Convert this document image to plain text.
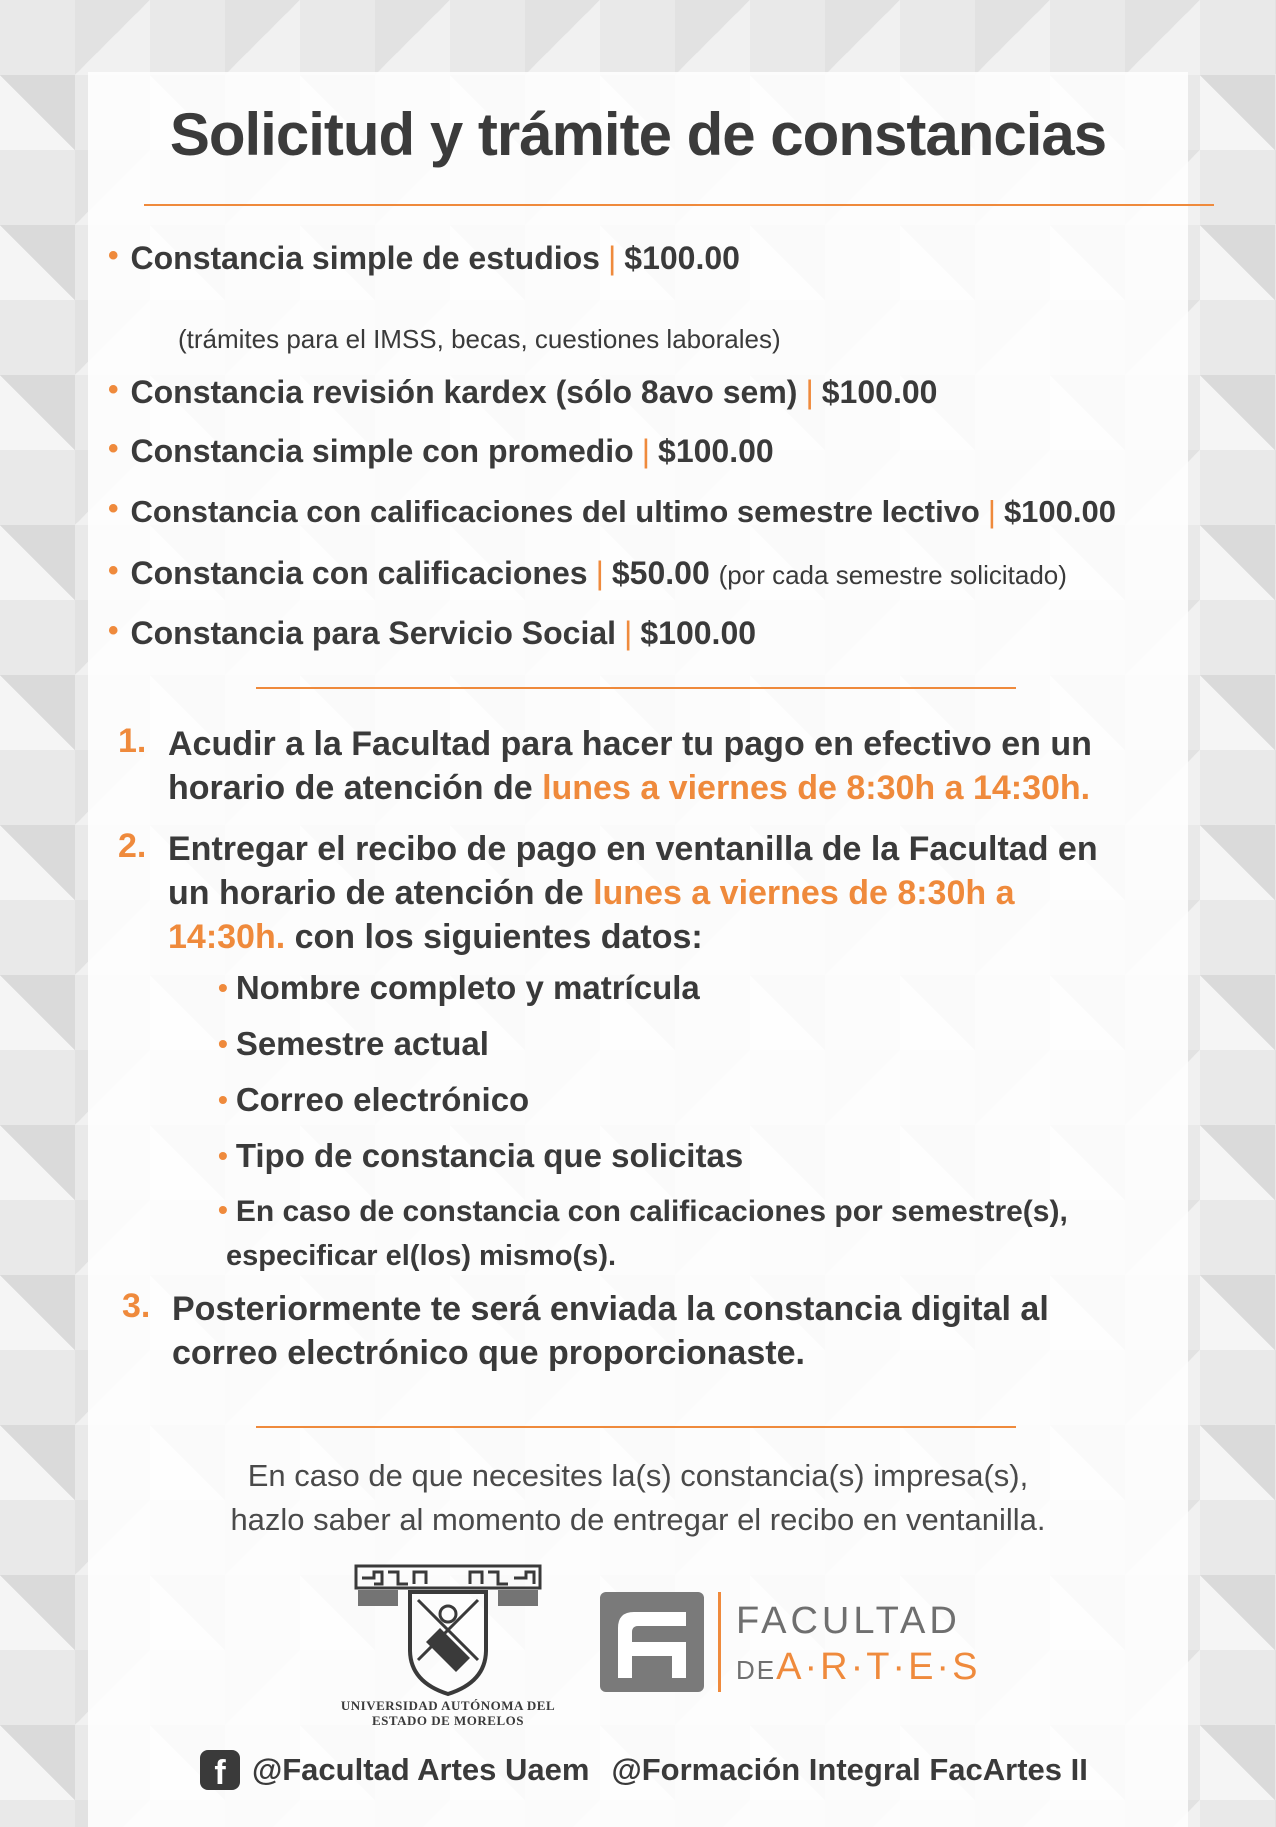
Solicitud y trámite de constancias
• Constancia simple de estudios | $100.00
(trámites para el IMSS, becas, cuestiones laborales)
• Constancia revisión kardex (sólo 8avo sem) | $100.00
• Constancia simple con promedio | $100.00
• Constancia con calificaciones del ultimo semestre lectivo | $100.00
• Constancia con calificaciones | $50.00 (por cada semestre solicitado)
• Constancia para Servicio Social | $100.00
1. Acudir a la Facultad para hacer tu pago en efectivo en un horario de atención de lunes a viernes de 8:30h a 14:30h.
2. Entregar el recibo de pago en ventanilla de la Facultad en un horario de atención de lunes a viernes de 8:30h a 14:30h. con los siguientes datos:
• Nombre completo y matrícula
• Semestre actual
• Correo electrónico
• Tipo de constancia que solicitas
• En caso de constancia con calificaciones por semestre(s),
especificar el(los) mismo(s).
3. Posteriormente te será enviada la constancia digital al correo electrónico que proporcionaste.
En caso de que necesites la(s) constancia(s) impresa(s),
hazlo saber al momento de entregar el recibo en ventanilla.
UNIVERSIDAD AUTÓNOMA DEL
ESTADO DE MORELOS
FACULTAD
DEA·R·T·E·S
f @Facultad Artes Uaem @Formación Integral FacArtes II
